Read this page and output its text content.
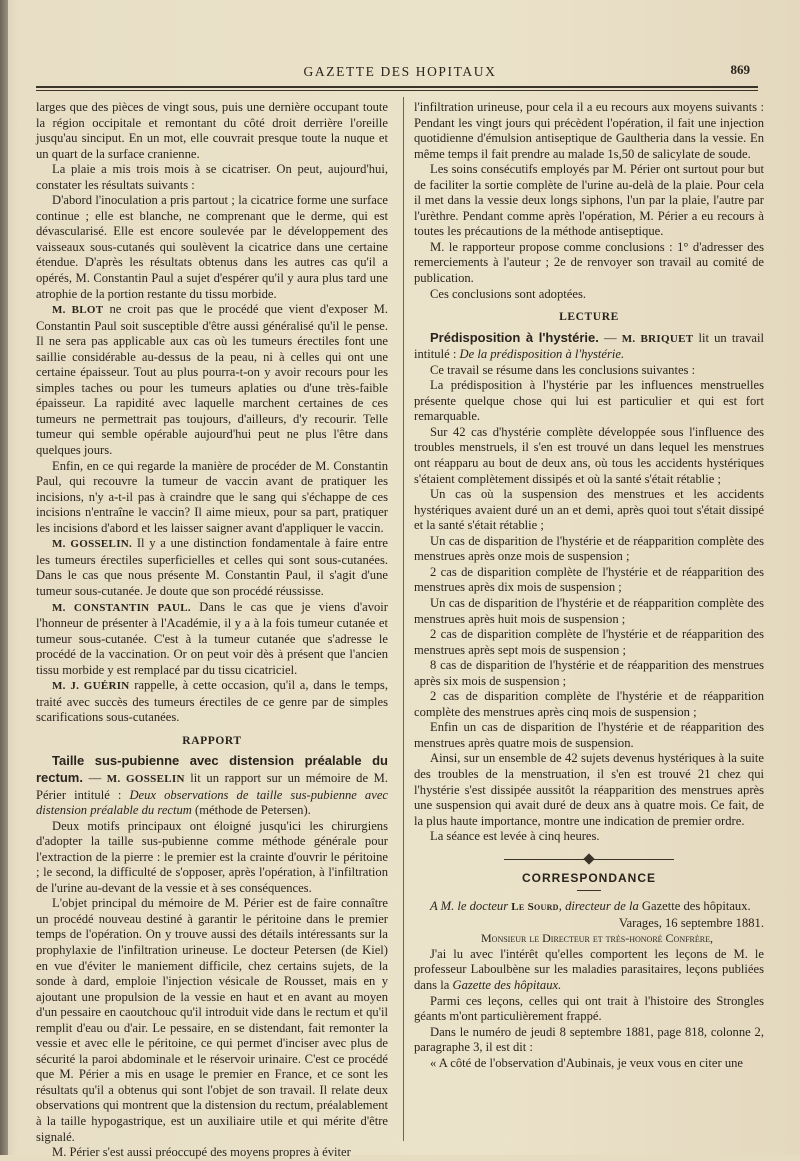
GAZETTE DES HOPITAUX	869

larges que des pièces de vingt sous, puis une dernière occupant toute la région occipitale et remontant du côté droit derrière l'oreille jusqu'au sinciput. En un mot, elle couvrait presque toute la nuque et un quart de la surface cranienne.

La plaie a mis trois mois à se cicatriser. On peut, aujourd'hui, constater les résultats suivants :

D'abord l'inoculation a pris partout ; la cicatrice forme une surface continue ; elle est blanche, ne comprenant que le derme, qui est dévascularisé. Elle est encore soulevée par le développement des vaisseaux sous-cutanés qui soulèvent la cicatrice dans une certaine étendue. D'après les résultats obtenus dans les autres cas qu'il a opérés, M. Constantin Paul a sujet d'espérer qu'il y aura plus tard une atrophie de la portion restante du tissu morbide.

M. BLOT ne croit pas que le procédé que vient d'exposer M. Constantin Paul soit susceptible d'être aussi généralisé qu'il le pense. Il ne sera pas applicable aux cas où les tumeurs érectiles font une saillie considérable au-dessus de la peau, ni à celles qui ont une certaine épaisseur. Tout au plus pourra-t-on y avoir recours pour les simples taches ou pour les tumeurs aplaties ou d'une très-faible épaisseur. La rapidité avec laquelle marchent certaines de ces tumeurs ne permettrait pas toujours, d'ailleurs, d'y recourir. Telle tumeur qui semble opérable aujourd'hui peut ne plus l'être dans quelques jours.

Enfin, en ce qui regarde la manière de procéder de M. Constantin Paul, qui recouvre la tumeur de vaccin avant de pratiquer les incisions, n'y a-t-il pas à craindre que le sang qui s'échappe de ces incisions n'entraîne le vaccin? Il aime mieux, pour sa part, pratiquer les incisions d'abord et les laisser saigner avant d'appliquer le vaccin.

M. GOSSELIN. Il y a une distinction fondamentale à faire entre les tumeurs érectiles superficielles et celles qui sont sous-cutanées. Dans le cas que nous présente M. Constantin Paul, il s'agit d'une tumeur sous-cutanée. Je doute que son procédé réussisse.

M. CONSTANTIN PAUL. Dans le cas que je viens d'avoir l'honneur de présenter à l'Académie, il y a à la fois tumeur cutanée et tumeur sous-cutanée. C'est à la tumeur cutanée que s'adresse le procédé de la vaccination. Or on peut voir dès à présent que l'ancien tissu morbide y est remplacé par du tissu cicatriciel.

M. J. GUÉRIN rappelle, à cette occasion, qu'il a, dans le temps, traité avec succès des tumeurs érectiles de ce genre par de simples scarifications sous-cutanées.

RAPPORT

Taille sus-pubienne avec distension préalable du rectum. — M. GOSSELIN lit un rapport sur un mémoire de M. Périer intitulé : Deux observations de taille sus-pubienne avec distension préalable du rectum (méthode de Petersen).

Deux motifs principaux ont éloigné jusqu'ici les chirurgiens d'adopter la taille sus-pubienne comme méthode générale pour l'extraction de la pierre : le premier est la crainte d'ouvrir le péritoine ; le second, la difficulté de s'opposer, après l'opération, à l'infiltration de l'urine au-devant de la vessie et à ses conséquences.

L'objet principal du mémoire de M. Périer est de faire connaître un procédé nouveau destiné à garantir le péritoine dans le premier temps de l'opération. On y trouve aussi des détails intéressants sur la prophylaxie de l'infiltration urineuse. Le docteur Petersen (de Kiel) en vue d'éviter le maniement difficile, chez certains sujets, de la sonde à dard, emploie l'injection vésicale de Rousset, mais en y ajoutant une propulsion de la vessie en haut et en avant au moyen d'un pessaire en caoutchouc qu'il introduit vide dans le rectum et qu'il remplit d'eau ou d'air. Le pessaire, en se distendant, fait remonter la vessie et avec elle le péritoine, ce qui permet d'inciser avec plus de sécurité la paroi abdominale et le réservoir urinaire. C'est ce procédé que M. Périer a mis en usage le premier en France, et ce sont les résultats qu'il a obtenus qui sont l'objet de son travail. Il relate deux observations qui montrent que la distension du rectum, préalablement à la taille hypogastrique, est un auxiliaire utile et qui mérite d'être signalé.

M. Périer s'est aussi préoccupé des moyens propres à éviter

l'infiltration urineuse, pour cela il a eu recours aux moyens suivants : Pendant les vingt jours qui précèdent l'opération, il fait une injection quotidienne d'émulsion antiseptique de Gaultheria dans la vessie. En même temps il fait prendre au malade 1s,50 de salicylate de soude.

Les soins consécutifs employés par M. Périer ont surtout pour but de faciliter la sortie complète de l'urine au-delà de la plaie. Pour cela il met dans la vessie deux longs siphons, l'un par la plaie, l'autre par l'urèthre. Pendant comme après l'opération, M. Périer a eu recours à toutes les précautions de la méthode antiseptique.

M. le rapporteur propose comme conclusions : 1° d'adresser des remerciements à l'auteur ; 2e de renvoyer son travail au comité de publication.

Ces conclusions sont adoptées.

LECTURE

Prédisposition à l'hystérie. — M. BRIQUET lit un travail intitulé : De la prédisposition à l'hystérie.

Ce travail se résume dans les conclusions suivantes :

La prédisposition à l'hystérie par les influences menstruelles présente quelque chose qui lui est particulier et qui est fort remarquable.

Sur 42 cas d'hystérie complète développée sous l'influence des troubles menstruels, il s'en est trouvé un dans lequel les menstrues ont réapparu au bout de deux ans, où tous les accidents hystériques s'étaient complètement dissipés et où la santé s'était rétablie ;

Un cas où la suspension des menstrues et les accidents hystériques avaient duré un an et demi, après quoi tout s'était dissipé et la santé s'était rétablie ;

Un cas de disparition de l'hystérie et de réapparition complète des menstrues après onze mois de suspension ;

2 cas de disparition complète de l'hystérie et de réapparition des menstrues après dix mois de suspension ;

Un cas de disparition de l'hystérie et de réapparition complète des menstrues après huit mois de suspension ;

2 cas de disparition complète de l'hystérie et de réapparition des menstrues après sept mois de suspension ;

8 cas de disparition de l'hystérie et de réapparition des menstrues après six mois de suspension ;

2 cas de disparition complète de l'hystérie et de réapparition complète des menstrues après cinq mois de suspension ;

Enfin un cas de disparition de l'hystérie et de réapparition des menstrues après quatre mois de suspension.

Ainsi, sur un ensemble de 42 sujets devenus hystériques à la suite des troubles de la menstruation, il s'en est trouvé 21 chez qui l'hystérie s'est dissipée aussitôt la réapparition des menstrues après une suspension qui avait duré de deux ans à quatre mois. Ce fait, de la plus haute importance, montre une indication de premier ordre.

La séance est levée à cinq heures.

CORRESPONDANCE

A M. le docteur Le Sourd, directeur de la Gazette des hôpitaux.

Varages, 16 septembre 1881.

Monsieur le Directeur et très-honoré Confrère,

J'ai lu avec l'intérêt qu'elles comportent les leçons de M. le professeur Laboulbène sur les maladies parasitaires, leçons publiées dans la Gazette des hôpitaux.

Parmi ces leçons, celles qui ont trait à l'histoire des Strongles géants m'ont particulièrement frappé.

Dans le numéro de jeudi 8 septembre 1881, page 818, colonne 2, paragraphe 3, il est dit :

« A côté de l'observation d'Aubinais, je veux vous en citer une
